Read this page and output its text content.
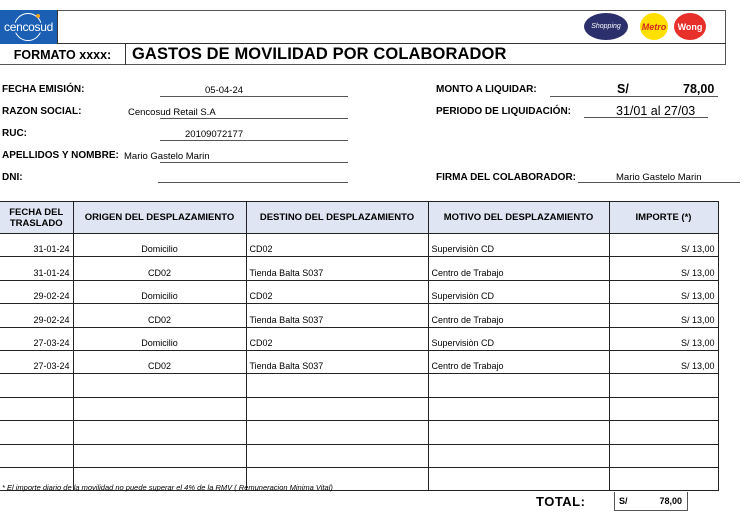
cencosud	Shopping	Metro	Wong
FORMATO xxxx:	GASTOS DE MOVILIDAD POR COLABORADOR
FECHA EMISIÓN:	05-04-24
RAZON SOCIAL:	Cencosud Retail S.A
RUC:	20109072177
APELLIDOS Y NOMBRE: Mario Gastelo Marin
DNI:
MONTO A LIQUIDAR:	S/	78,00
PERIODO DE LIQUIDACIÓN:	31/01 al 27/03
FIRMA DEL COLABORADOR:	Mario Gastelo Marin
FECHA DEL TRASLADO	ORIGEN DEL DESPLAZAMIENTO	DESTINO DEL DESPLAZAMIENTO	MOTIVO DEL DESPLAZAMIENTO	IMPORTE (*)
31-01-24	Domicilio	CD02	Supervisiòn CD	S/ 13,00
31-01-24	CD02	Tienda Balta S037	Centro de Trabajo	S/ 13,00
29-02-24	Domicilio	CD02	Supervisiòn CD	S/ 13,00
29-02-24	CD02	Tienda Balta S037	Centro de Trabajo	S/ 13,00
27-03-24	Domicilio	CD02	Supervisiòn CD	S/ 13,00
27-03-24	CD02	Tienda Balta S037	Centro de Trabajo	S/ 13,00

* El importe diario de la movilidad no puede superar el 4% de la RMV ( Remuneracion Minima Vital)
TOTAL:	S/	78,00
